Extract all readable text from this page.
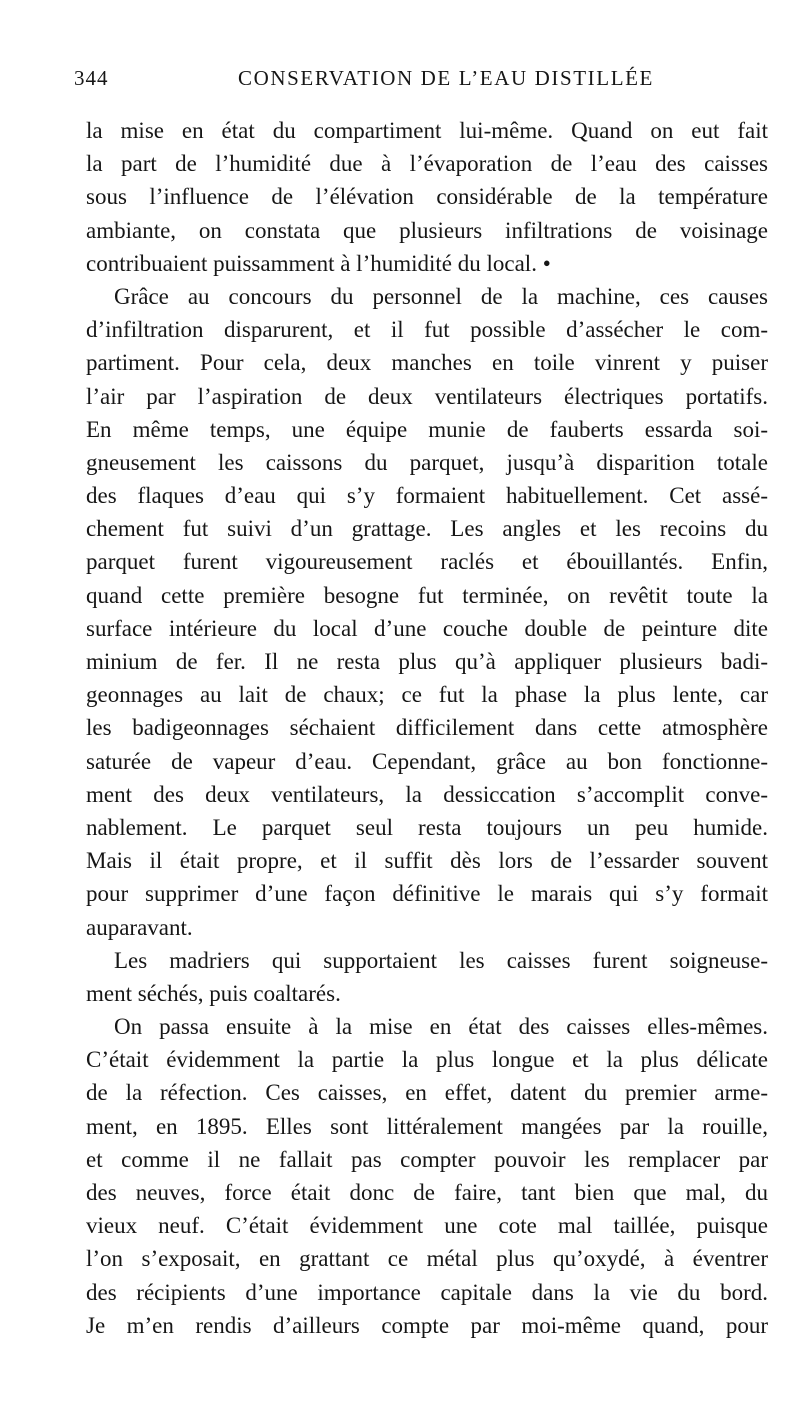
344	CONSERVATION DE L’EAU DISTILLÉE
la mise en état du compartiment lui-même. Quand on eut fait
la part de l’humidité due à l’évaporation de l’eau des caisses
sous l’influence de l’élévation considérable de la température
ambiante, on constata que plusieurs infiltrations de voisinage
contribuaient puissamment à l’humidité du local. •
Grâce au concours du personnel de la machine, ces causes
d’infiltration disparurent, et il fut possible d’assécher le com-
partiment. Pour cela, deux manches en toile vinrent y puiser
l’air par l’aspiration de deux ventilateurs électriques portatifs.
En même temps, une équipe munie de fauberts essarda soi-
gneusement les caissons du parquet, jusqu’à disparition totale
des flaques d’eau qui s’y formaient habituellement. Cet assé-
chement fut suivi d’un grattage. Les angles et les recoins du
parquet furent vigoureusement raclés et ébouillantés. Enfin,
quand cette première besogne fut terminée, on revêtit toute la
surface intérieure du local d’une couche double de peinture dite
minium de fer. Il ne resta plus qu’à appliquer plusieurs badi-
geonnages au lait de chaux; ce fut la phase la plus lente, car
les badigeonnages séchaient difficilement dans cette atmosphère
saturée de vapeur d’eau. Cependant, grâce au bon fonctionne-
ment des deux ventilateurs, la dessiccation s’accomplit conve-
nablement. Le parquet seul resta toujours un peu humide.
Mais il était propre, et il suffit dès lors de l’essarder souvent
pour supprimer d’une façon définitive le marais qui s’y formait
auparavant.
Les madriers qui supportaient les caisses furent soigneuse-
ment séchés, puis coaltarés.
On passa ensuite à la mise en état des caisses elles-mêmes.
C’était évidemment la partie la plus longue et la plus délicate
de la réfection. Ces caisses, en effet, datent du premier arme-
ment, en 1895. Elles sont littéralement mangées par la rouille,
et comme il ne fallait pas compter pouvoir les remplacer par
des neuves, force était donc de faire, tant bien que mal, du
vieux neuf. C’était évidemment une cote mal taillée, puisque
l’on s’exposait, en grattant ce métal plus qu’oxydé, à éventrer
des récipients d’une importance capitale dans la vie du bord.
Je m’en rendis d’ailleurs compte par moi-même quand, pour
